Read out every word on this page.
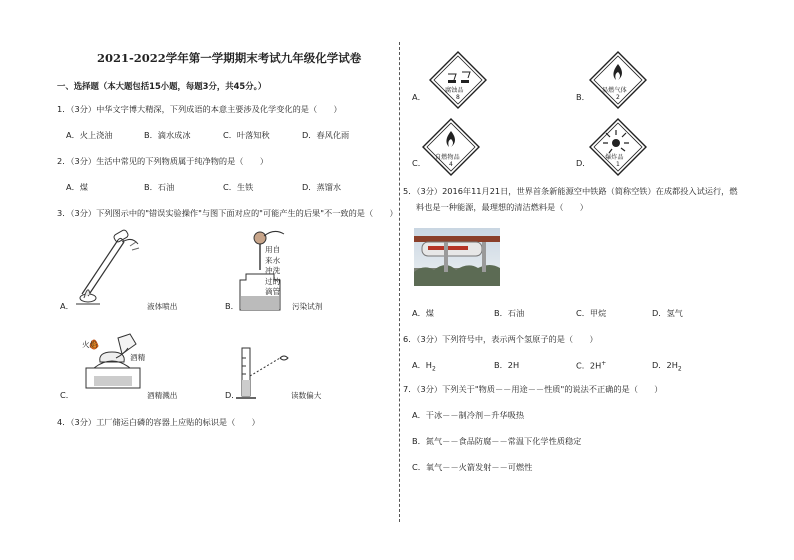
2021-2022学年第一学期期末考试九年级化学试卷
一、选择题（本大题包括15小题，每题3分，共45分。）
1．（3分）中华文字博大精深，下列成语的本意主要涉及化学变化的是（　　）
A．火上浇油	B．滴水成冰	C．叶落知秋	D．春风化雨
2．（3分）生活中常见的下列物质属于纯净物的是（　　）
A．煤	B．石油	C．生铁	D．蒸馏水
3．（3分）下列图示中的"错误实验操作"与图下面对应的"可能产生的后果"不一致的是（　　）
A．	液体喷出
用自
来水
冲洗
过的
滴管
B．	污染试剂
火焰
酒精
C．	酒精溅出	D．	读数偏大
4．（3分）工厂储运白磷的容器上应贴的标识是（　　）
A．
腐蚀品
8	B．
易燃气体
2
C．
自燃物品
4	D．
爆炸品
1
5．（3分）2016年11月21日，世界首条新能源空中铁路（简称空铁）在成都投入试运行，燃
料也是一种能源，最理想的清洁燃料是（　　）
A．煤	B．石油	C．甲烷	D．氢气
6．（3分）下列符号中，表示两个氢原子的是（　　）
A．$H_2$	B．2H	C．2H+	D．$2H_2$
7．（3分）下列关于"物质－－用途－－性质"的说法不正确的是（　　）
A．干冰－－制冷剂－升华吸热
B．氮气－－食品防腐－－常温下化学性质稳定
C．氧气－－火箭发射－－可燃性
